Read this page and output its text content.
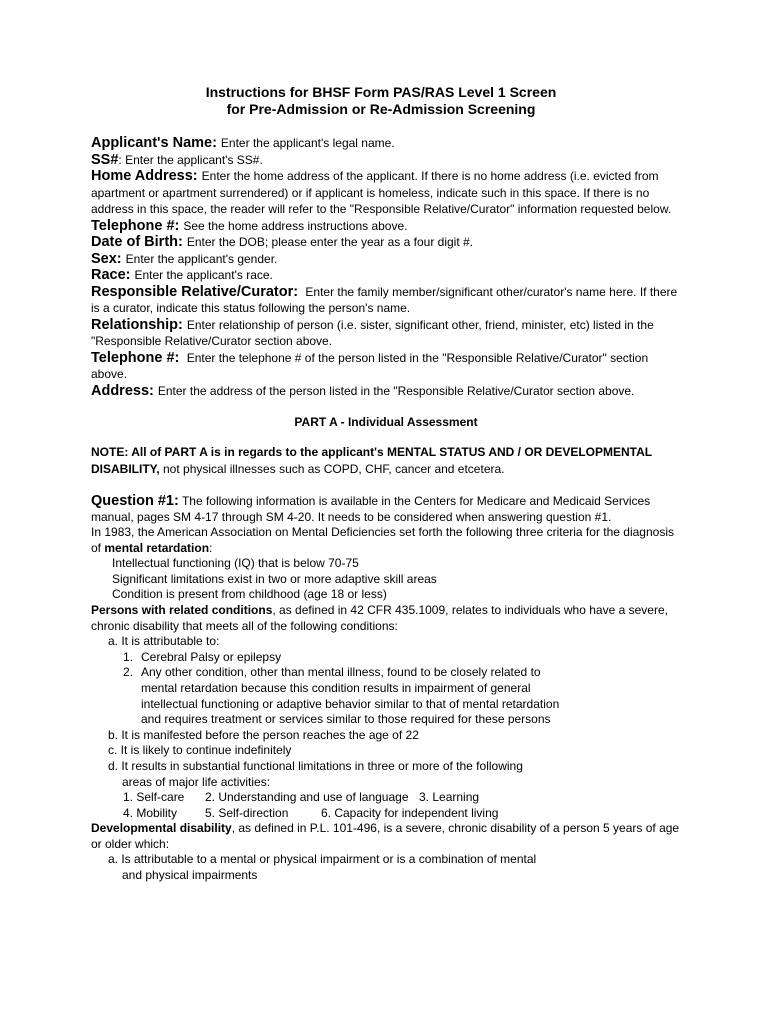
Instructions for BHSF Form PAS/RAS Level 1 Screen
for Pre-Admission or Re-Admission Screening

Applicant's Name: Enter the applicant's legal name.

SS#: Enter the applicant's SS#.

Home Address: Enter the home address of the applicant. If there is no home address (i.e. evicted from apartment or apartment surrendered) or if applicant is homeless, indicate such in this space. If there is no address in this space, the reader will refer to the "Responsible Relative/Curator" information requested below.

Telephone #: See the home address instructions above.

Date of Birth: Enter the DOB; please enter the year as a four digit #.

Sex: Enter the applicant's gender.

Race: Enter the applicant's race.

Responsible Relative/Curator: Enter the family member/significant other/curator's name here. If there is a curator, indicate this status following the person's name.

Relationship: Enter relationship of person (i.e. sister, significant other, friend, minister, etc) listed in the "Responsible Relative/Curator section above.

Telephone #: Enter the telephone # of the person listed in the "Responsible Relative/Curator" section above.

Address: Enter the address of the person listed in the "Responsible Relative/Curator section above.

PART A - Individual Assessment

NOTE: All of PART A is in regards to the applicant's MENTAL STATUS AND / OR DEVELOPMENTAL DISABILITY, not physical illnesses such as COPD, CHF, cancer and etcetera.

Question #1: The following information is available in the Centers for Medicare and Medicaid Services manual, pages SM 4-17 through SM 4-20. It needs to be considered when answering question #1.

In 1983, the American Association on Mental Deficiencies set forth the following three criteria for the diagnosis of mental retardation:

Intellectual functioning (IQ) that is below 70-75

Significant limitations exist in two or more adaptive skill areas

Condition is present from childhood (age 18 or less)

Persons with related conditions, as defined in 42 CFR 435.1009, relates to individuals who have a severe, chronic disability that meets all of the following conditions:

a. It is attributable to:

1. Cerebral Palsy or epilepsy
2. Any other condition, other than mental illness, found to be closely related to mental retardation because this condition results in impairment of general intellectual functioning or adaptive behavior similar to that of mental retardation and requires treatment or services similar to those required for these persons

b. It is manifested before the person reaches the age of 22

c. It is likely to continue indefinitely

d. It results in substantial functional limitations in three or more of the following

areas of major life activities:

1. Self-care 2. Understanding and use of language 3. Learning

4. Mobility 5. Self-direction	6. Capacity for independent living

Developmental disability, as defined in P.L. 101-496, is a severe, chronic disability of a person 5 years of age or older which:

a. Is attributable to a mental or physical impairment or is a combination of mental

and physical impairments
